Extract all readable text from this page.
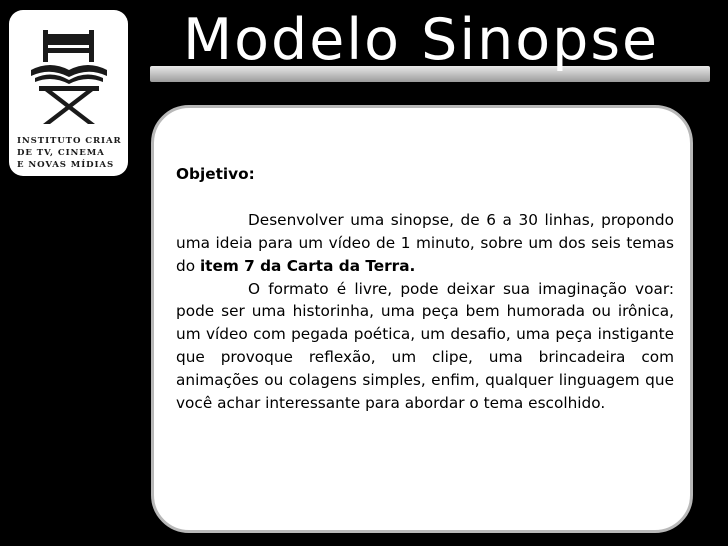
INSTITUTO CRIAR
DE TV, CINEMA
E NOVAS MÍDIAS
Modelo Sinopse
Objetivo:

Desenvolver uma sinopse, de 6 a 30 linhas, propondo uma ideia para um vídeo de 1 minuto, sobre um dos seis temas do item 7 da Carta da Terra.

O formato é livre, pode deixar sua imaginação voar: pode ser uma historinha, uma peça bem humorada ou irônica, um vídeo com pegada poética, um desafio, uma peça instigante que provoque reflexão, um clipe, uma brincadeira com animações ou colagens simples, enfim, qualquer linguagem que você achar interessante para abordar o tema escolhido.
